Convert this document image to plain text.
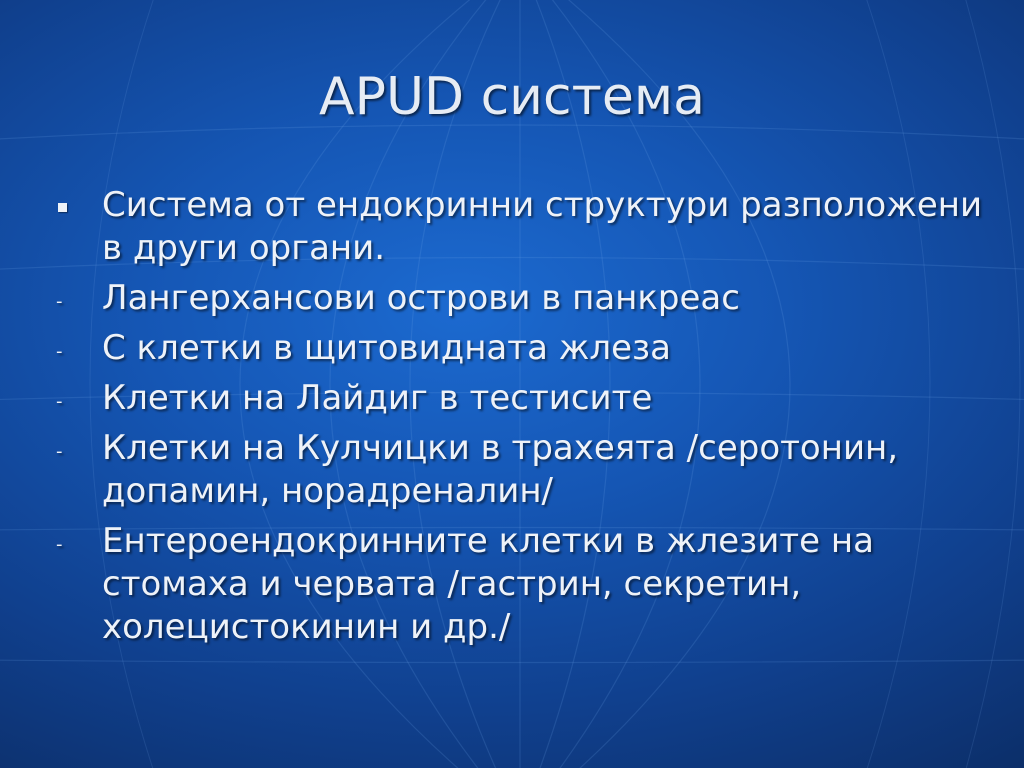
APUD система
Система от ендокринни структури разположени в други органи.
-	Лангерхансови острови в панкреас
-	С клетки в щитовидната жлеза
-	Клетки на Лайдиг в тестисите
-	Клетки на Кулчицки в трахеята /серотонин, допамин, норадреналин/
-	Ентероендокринните клетки в жлезите на стомаха и червата /гастрин, секретин, холецистокинин и др./
